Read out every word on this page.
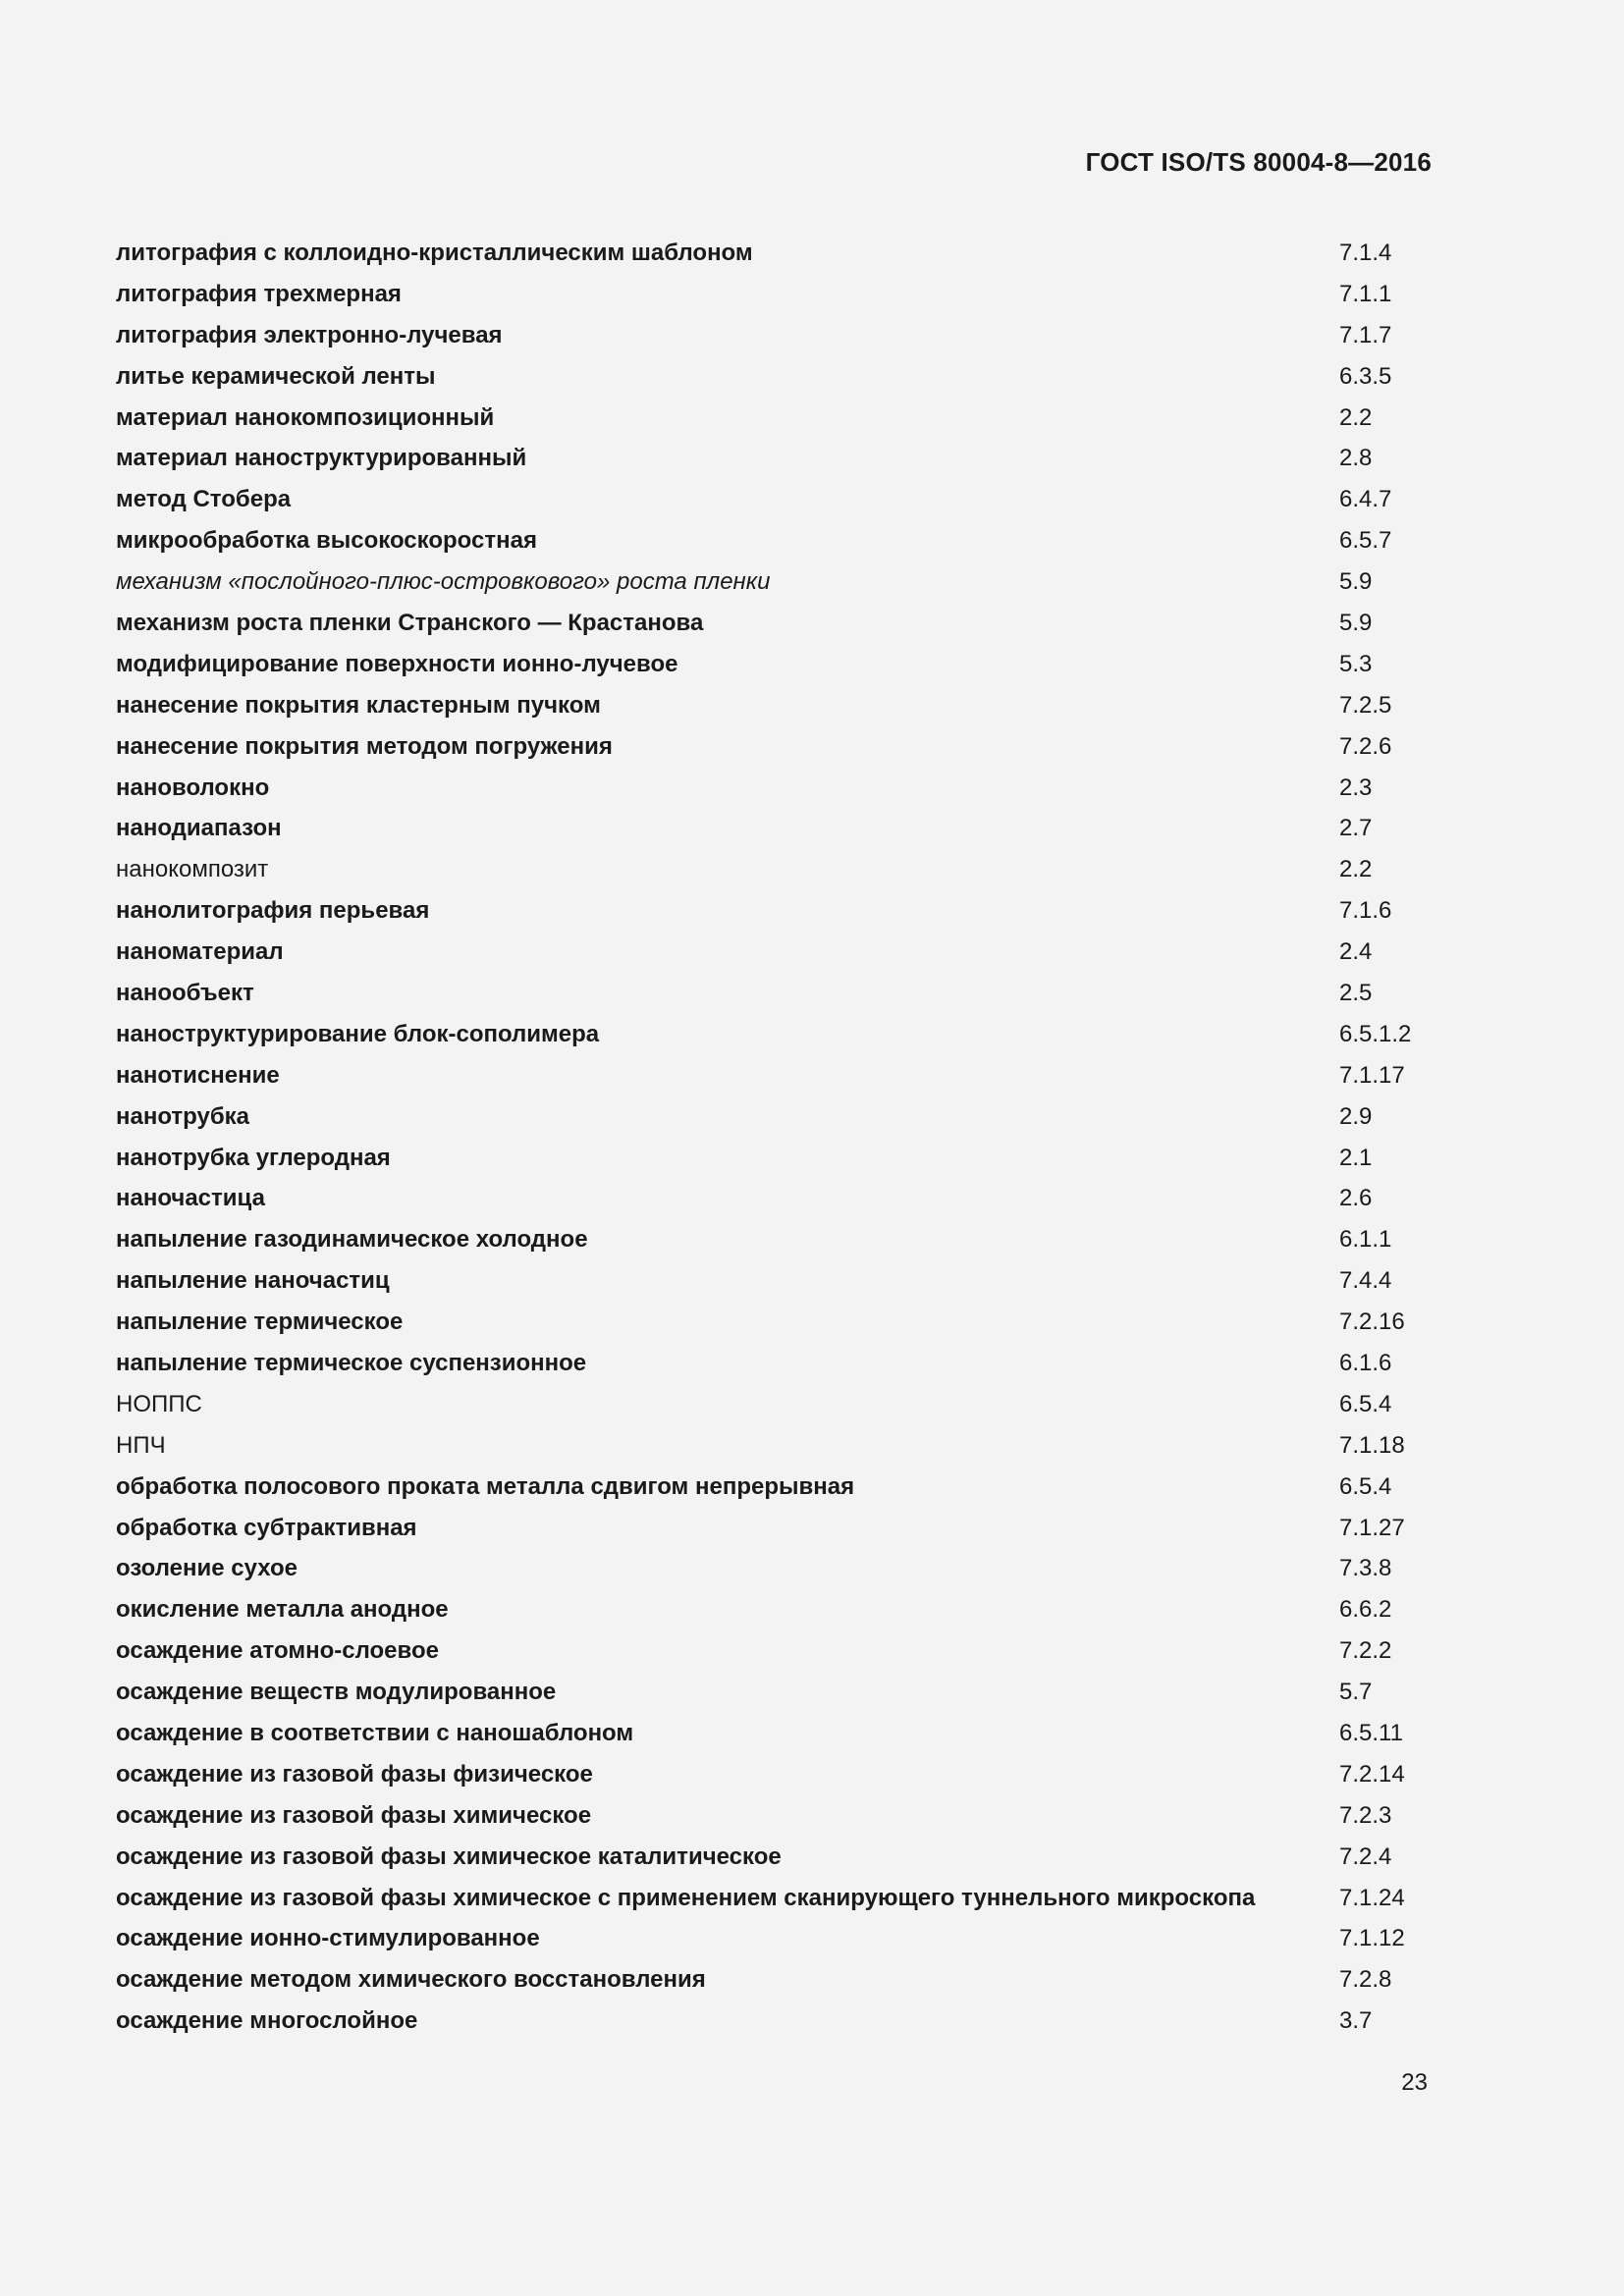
ГОСТ ISO/TS 80004-8—2016
литография с коллоидно-кристаллическим шаблоном	7.1.4
литография трехмерная	7.1.1
литография электронно-лучевая	7.1.7
литье керамической ленты	6.3.5
материал нанокомпозиционный	2.2
материал наноструктурированный	2.8
метод Стобера	6.4.7
микрообработка высокоскоростная	6.5.7
механизм «послойного-плюс-островкового» роста пленки	5.9
механизм роста пленки Странского — Крастанова	5.9
модифицирование поверхности ионно-лучевое	5.3
нанесение покрытия кластерным пучком	7.2.5
нанесение покрытия методом погружения	7.2.6
нановолокно	2.3
нанодиапазон	2.7
нанокомпозит	2.2
нанолитография перьевая	7.1.6
наноматериал	2.4
нанообъект	2.5
наноструктурирование блок-сополимера	6.5.1.2
нанотиснение	7.1.17
нанотрубка	2.9
нанотрубка углеродная	2.1
наночастица	2.6
напыление газодинамическое холодное	6.1.1
напыление наночастиц	7.4.4
напыление термическое	7.2.16
напыление термическое суспензионное	6.1.6
НОППС	6.5.4
НПЧ	7.1.18
обработка полосового проката металла сдвигом непрерывная	6.5.4
обработка субтрактивная	7.1.27
озоление сухое	7.3.8
окисление металла анодное	6.6.2
осаждение атомно-слоевое	7.2.2
осаждение веществ модулированное	5.7
осаждение в соответствии с наношаблоном	6.5.11
осаждение из газовой фазы физическое	7.2.14
осаждение из газовой фазы химическое	7.2.3
осаждение из газовой фазы химическое каталитическое	7.2.4
осаждение из газовой фазы химическое с применением сканирующего туннельного микроскопа	7.1.24
осаждение ионно-стимулированное	7.1.12
осаждение методом химического восстановления	7.2.8
осаждение многослойное	3.7
23
